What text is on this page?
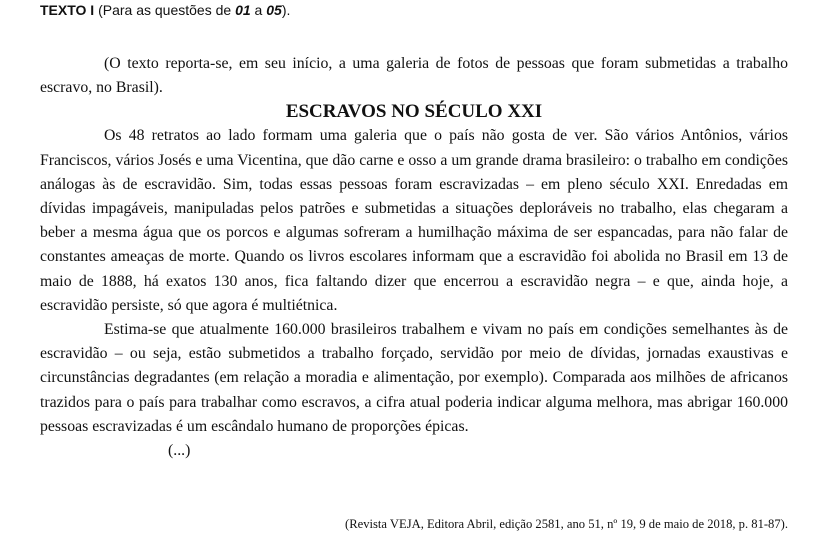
TEXTO I (Para as questões de 01 a 05).

(O texto reporta-se, em seu início, a uma galeria de fotos de pessoas que foram submetidas a trabalho escravo, no Brasil).

ESCRAVOS NO SÉCULO XXI

Os 48 retratos ao lado formam uma galeria que o país não gosta de ver. São vários Antônios, vários Franciscos, vários Josés e uma Vicentina, que dão carne e osso a um grande drama brasileiro: o trabalho em condições análogas às de escravidão. Sim, todas essas pessoas foram escravizadas – em pleno século XXI. Enredadas em dívidas impagáveis, manipuladas pelos patrões e submetidas a situações deploráveis no trabalho, elas chegaram a beber a mesma água que os porcos e algumas sofreram a humilhação máxima de ser espancadas, para não falar de constantes ameaças de morte. Quando os livros escolares informam que a escravidão foi abolida no Brasil em 13 de maio de 1888, há exatos 130 anos, fica faltando dizer que encerrou a escravidão negra – e que, ainda hoje, a escravidão persiste, só que agora é multiétnica.

Estima-se que atualmente 160.000 brasileiros trabalhem e vivam no país em condições semelhantes às de escravidão – ou seja, estão submetidos a trabalho forçado, servidão por meio de dívidas, jornadas exaustivas e circunstâncias degradantes (em relação a moradia e alimentação, por exemplo). Comparada aos milhões de africanos trazidos para o país para trabalhar como escravos, a cifra atual poderia indicar alguma melhora, mas abrigar 160.000 pessoas escravizadas é um escândalo humano de proporções épicas.

(...)

(Revista VEJA, Editora Abril, edição 2581, ano 51, nº 19, 9 de maio de 2018, p. 81-87).
